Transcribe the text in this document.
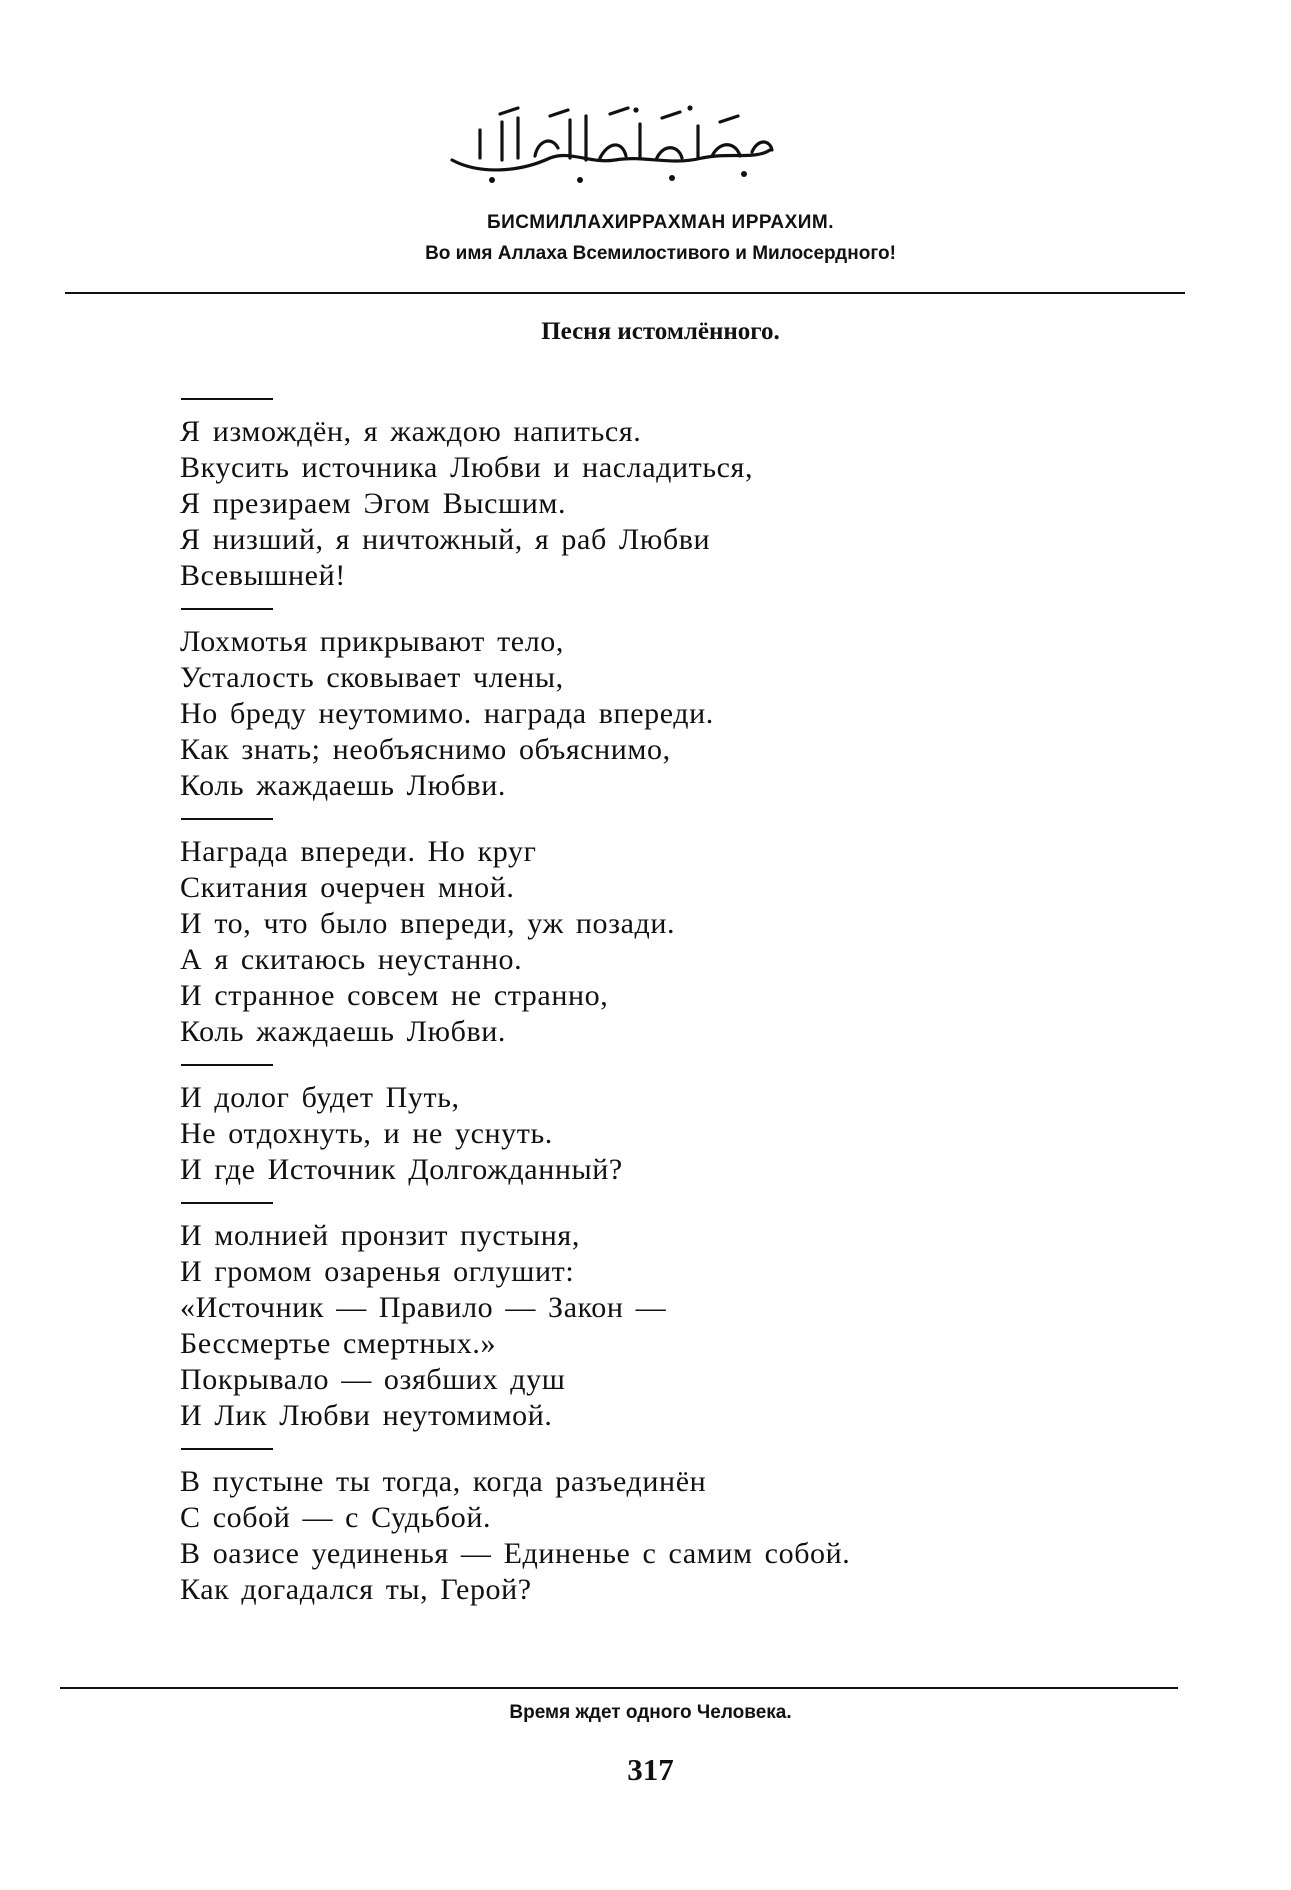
БИСМИЛЛАХИРРАХМАН ИРРАХИМ.
Во имя Аллаха Всемилостивого и Милосердного!
Песня истомлённого.
Я измождён, я жаждою напиться.
Вкусить источника Любви и насладиться,
Я презираем Эгом Высшим.
Я низший, я ничтожный, я раб Любви
Всевышней!
Лохмотья прикрывают тело,
Усталость сковывает члены,
Но бреду неутомимо. награда впереди.
Как знать; необъяснимо объяснимо,
Коль жаждаешь Любви.
Награда впереди. Но круг
Скитания очерчен мной.
И то, что было впереди, уж позади.
А я скитаюсь неустанно.
И странное совсем не странно,
Коль жаждаешь Любви.
И долог будет Путь,
Не отдохнуть, и не уснуть.
И где Источник Долгожданный?
И молнией пронзит пустыня,
И громом озаренья оглушит:
«Источник — Правило — Закон —
Бессмертье смертных.»
Покрывало — озябших душ
И Лик Любви неутомимой.
В пустыне ты тогда, когда разъединён
С собой — с Судьбой.
В оазисе уединенья — Единенье с самим собой.
Как догадался ты, Герой?
Время ждет одного Человека.
317
